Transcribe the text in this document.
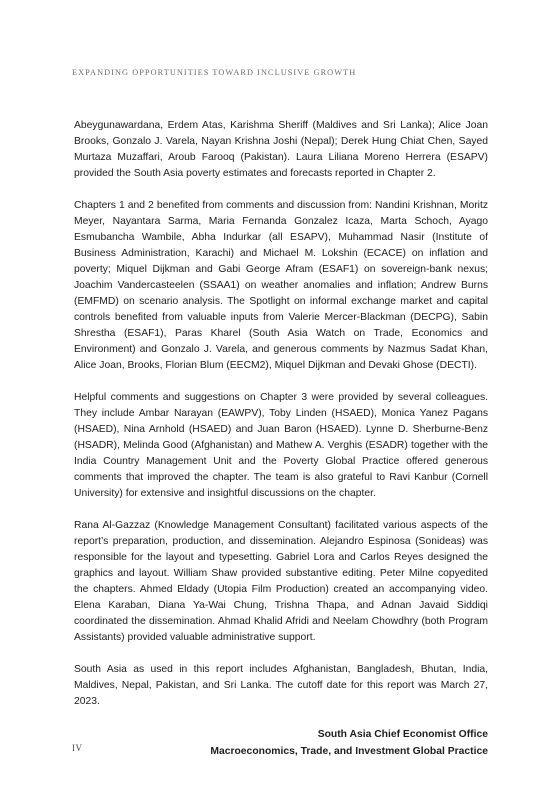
EXPANDING OPPORTUNITIES TOWARD INCLUSIVE GROWTH

Abeygunawardana, Erdem Atas, Karishma Sheriff (Maldives and Sri Lanka); Alice Joan Brooks, Gonzalo J. Varela, Nayan Krishna Joshi (Nepal); Derek Hung Chiat Chen, Sayed Murtaza Muzaffari, Aroub Farooq (Pakistan). Laura Liliana Moreno Herrera (ESAPV) provided the South Asia poverty estimates and forecasts reported in Chapter 2.

Chapters 1 and 2 benefited from comments and discussion from: Nandini Krishnan, Moritz Meyer, Nayantara Sarma, Maria Fernanda Gonzalez Icaza, Marta Schoch, Ayago Esmubancha Wambile, Abha Indurkar (all ESAPV), Muhammad Nasir (Institute of Business Administration, Karachi) and Michael M. Lokshin (ECACE) on inflation and poverty; Miquel Dijkman and Gabi George Afram (ESAF1) on sovereign-bank nexus; Joachim Vandercasteelen (SSAA1) on weather anomalies and inflation; Andrew Burns (EMFMD) on scenario analysis. The Spotlight on informal exchange market and capital controls benefited from valuable inputs from Valerie Mercer-Blackman (DECPG), Sabin Shrestha (ESAF1), Paras Kharel (South Asia Watch on Trade, Economics and Environment) and Gonzalo J. Varela, and generous comments by Nazmus Sadat Khan, Alice Joan, Brooks, Florian Blum (EECM2), Miquel Dijkman and Devaki Ghose (DECTI).

Helpful comments and suggestions on Chapter 3 were provided by several colleagues. They include Ambar Narayan (EAWPV), Toby Linden (HSAED), Monica Yanez Pagans (HSAED), Nina Arnhold (HSAED) and Juan Baron (HSAED). Lynne D. Sherburne-Benz (HSADR), Melinda Good (Afghanistan) and Mathew A. Verghis (ESADR) together with the India Country Management Unit and the Poverty Global Practice offered generous comments that improved the chapter. The team is also grateful to Ravi Kanbur (Cornell University) for extensive and insightful discussions on the chapter.

Rana Al-Gazzaz (Knowledge Management Consultant) facilitated various aspects of the report’s preparation, production, and dissemination. Alejandro Espinosa (Sonideas) was responsible for the layout and typesetting. Gabriel Lora and Carlos Reyes designed the graphics and layout. William Shaw provided substantive editing. Peter Milne copyedited the chapters. Ahmed Eldady (Utopia Film Production) created an accompanying video. Elena Karaban, Diana Ya-Wai Chung, Trishna Thapa, and Adnan Javaid Siddiqi coordinated the dissemination. Ahmad Khalid Afridi and Neelam Chowdhry (both Program Assistants) provided valuable administrative support.

South Asia as used in this report includes Afghanistan, Bangladesh, Bhutan, India, Maldives, Nepal, Pakistan, and Sri Lanka. The cutoff date for this report was March 27, 2023.

South Asia Chief Economist Office
Macroeconomics, Trade, and Investment Global Practice
IV
